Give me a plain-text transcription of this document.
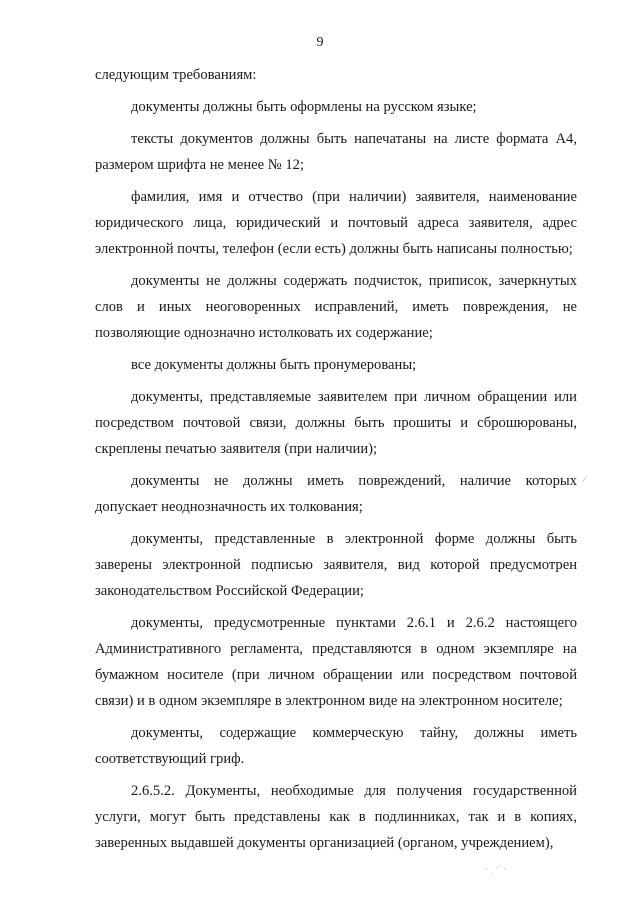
9

следующим требованиям:

документы должны быть оформлены на русском языке;

тексты документов должны быть напечатаны на листе формата А4, размером шрифта не менее № 12;

фамилия, имя и отчество (при наличии) заявителя, наименование юридического лица, юридический и почтовый адреса заявителя, адрес электронной почты, телефон (если есть) должны быть написаны полностью;

документы не должны содержать подчисток, приписок, зачеркнутых слов и иных неоговоренных исправлений, иметь повреждения, не позволяющие однозначно истолковать их содержание;

все документы должны быть пронумерованы;

документы, представляемые заявителем при личном обращении или посредством почтовой связи, должны быть прошиты и сброшюрованы, скреплены печатью заявителя (при наличии);

документы не должны иметь повреждений, наличие которых допускает неоднозначность их толкования;

документы, представленные в электронной форме должны быть заверены электронной подписью заявителя, вид которой предусмотрен законодательством Российской Федерации;

документы, предусмотренные пунктами 2.6.1 и 2.6.2 настоящего Административного регламента, представляются в одном экземпляре на бумажном носителе (при личном обращении или посредством почтовой связи) и в одном экземпляре в электронном виде на электронном носителе;

документы, содержащие коммерческую тайну, должны иметь соответствующий гриф.

2.6.5.2. Документы, необходимые для получения государственной услуги, могут быть представлены как в подлинниках, так и в копиях, заверенных выдавшей документы организацией (органом, учреждением),

⁄
· ˌ ˑ˙ ·
